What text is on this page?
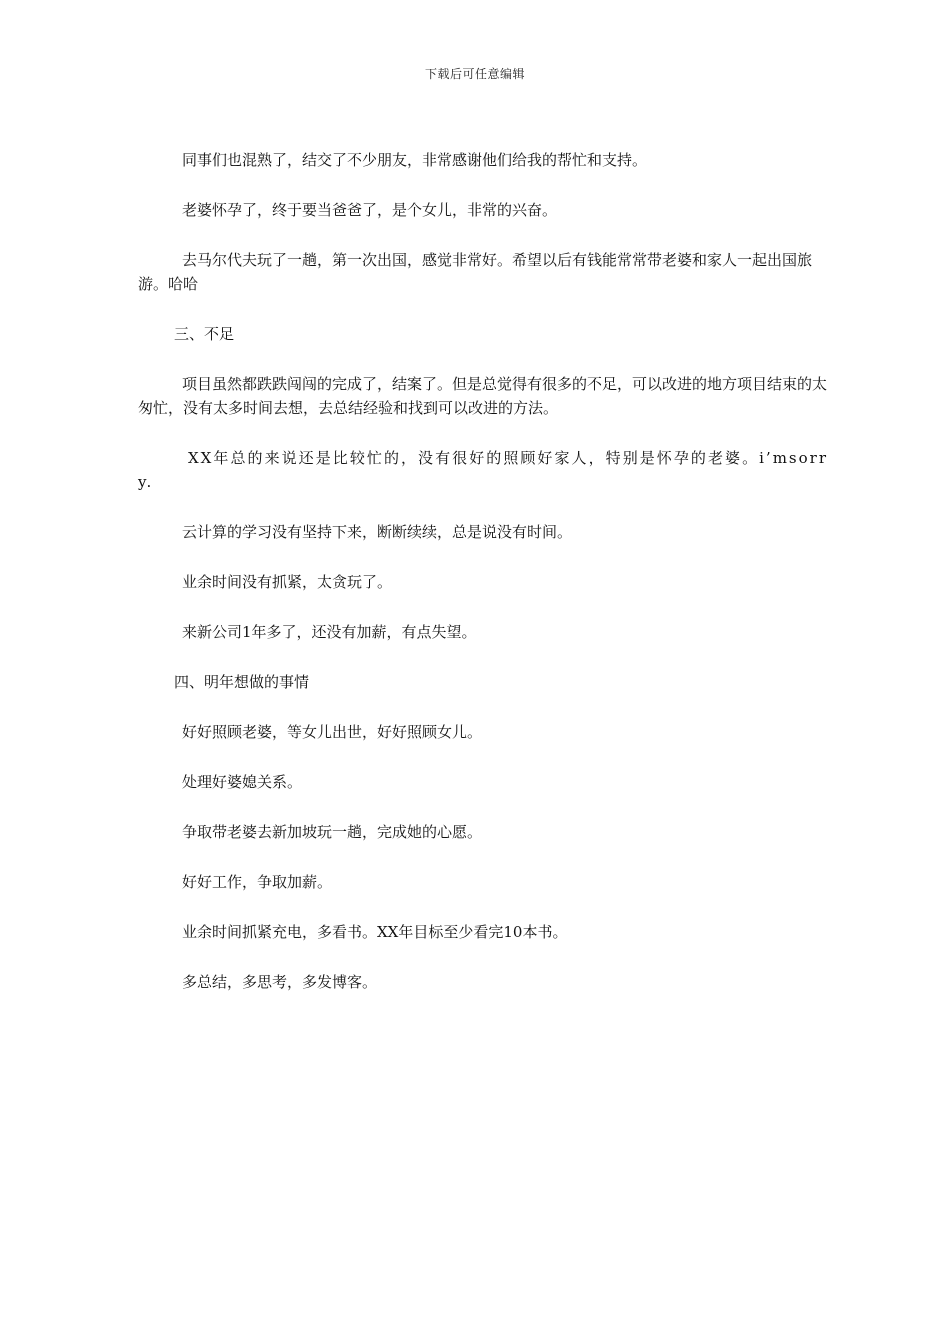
下载后可任意编辑

同事们也混熟了，结交了不少朋友，非常感谢他们给我的帮忙和支持。

老婆怀孕了，终于要当爸爸了，是个女儿，非常的兴奋。

去马尔代夫玩了一趟，第一次出国，感觉非常好。希望以后有钱能常常带老婆和家人一起出国旅游。哈哈

三、不足

项目虽然都跌跌闯闯的完成了，结案了。但是总觉得有很多的不足，可以改进的地方项目结束的太匆忙，没有太多时间去想，去总结经验和找到可以改进的方法。

XX年总的来说还是比较忙的，没有很好的照顾好家人，特别是怀孕的老婆。i’msorry.

云计算的学习没有坚持下来，断断续续，总是说没有时间。

业余时间没有抓紧，太贪玩了。

来新公司1年多了，还没有加薪，有点失望。

四、明年想做的事情

好好照顾老婆，等女儿出世，好好照顾女儿。

处理好婆媳关系。

争取带老婆去新加坡玩一趟，完成她的心愿。

好好工作，争取加薪。

业余时间抓紧充电，多看书。XX年目标至少看完10本书。

多总结，多思考，多发博客。
